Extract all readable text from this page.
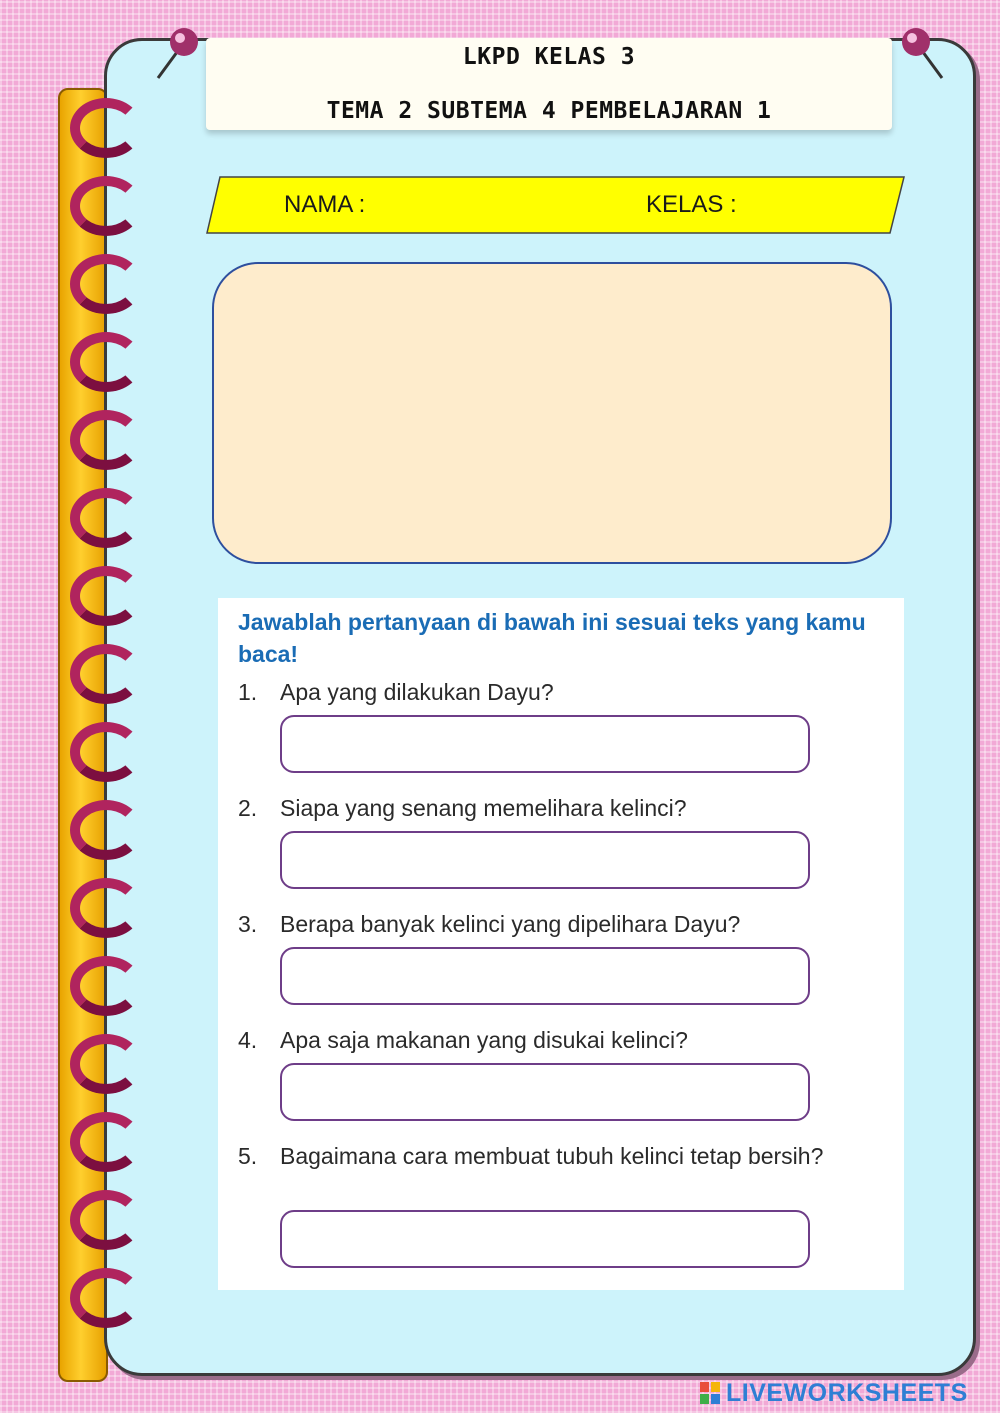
LKPD KELAS 3
TEMA 2 SUBTEMA 4 PEMBELAJARAN 1
NAMA :	KELAS :
Jawablah pertanyaan di bawah ini sesuai teks yang kamu baca!
1. Apa yang dilakukan Dayu?
2. Siapa yang senang memelihara kelinci?
3. Berapa banyak kelinci yang dipelihara Dayu?
4. Apa saja makanan yang disukai kelinci?
5. Bagaimana cara membuat tubuh kelinci tetap bersih?
LIVEWORKSHEETS
